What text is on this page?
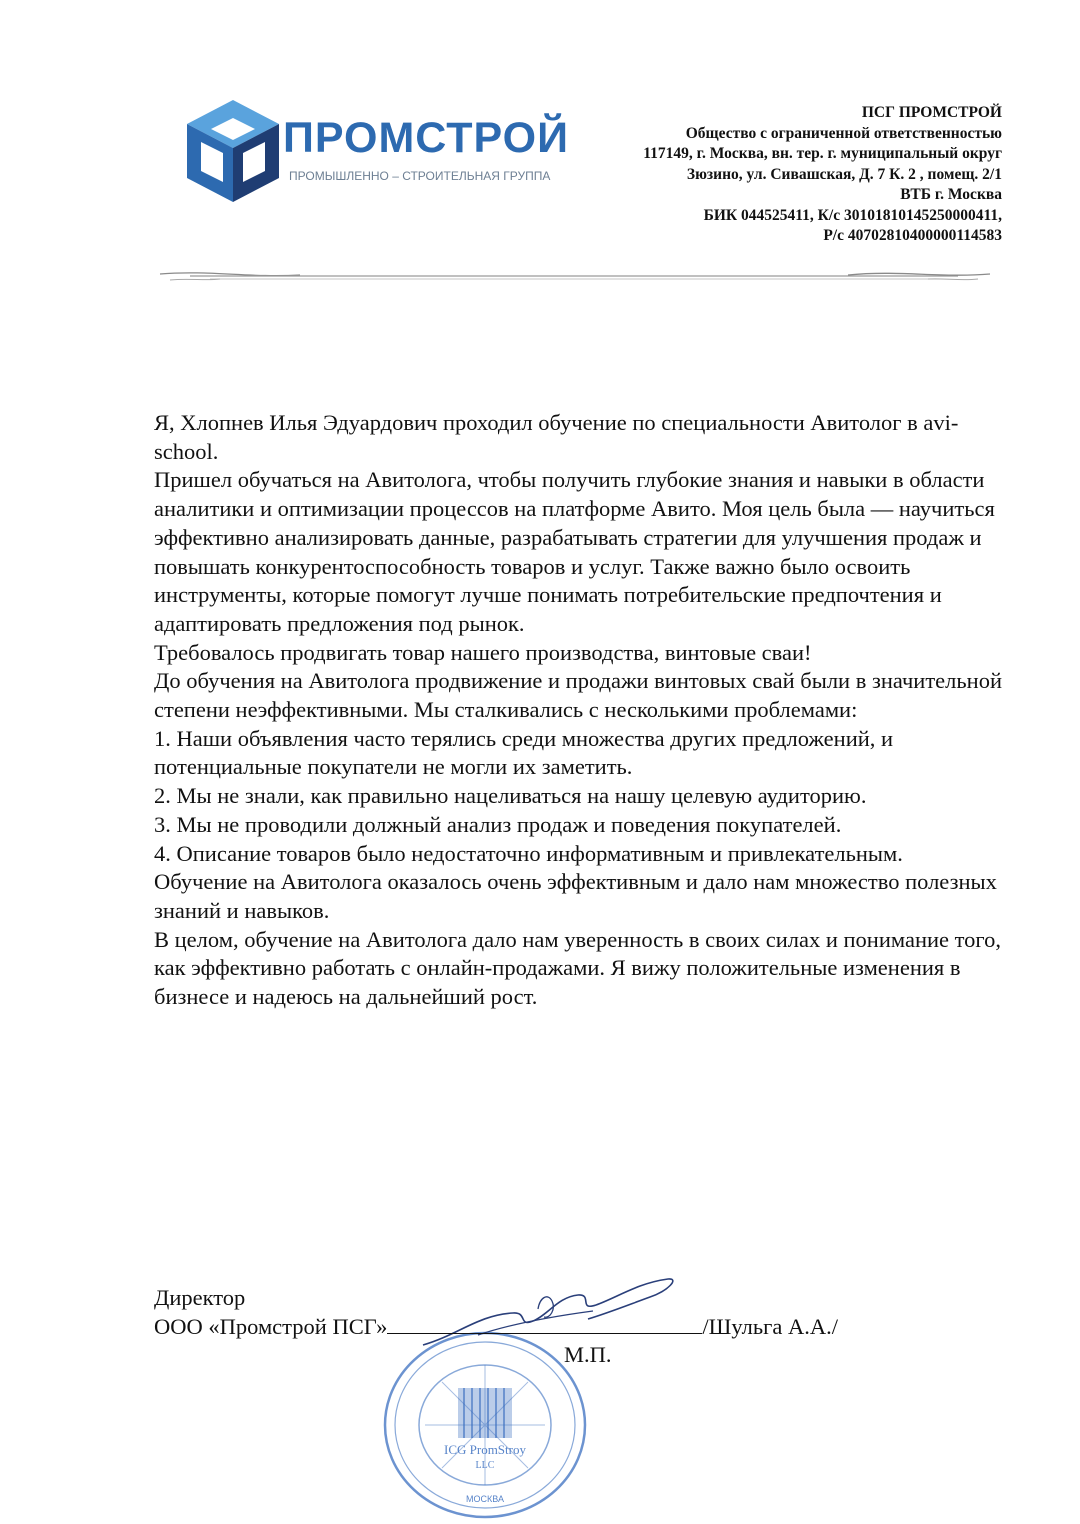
ПРОМСТРОЙ
ПРОМЫШЛЕННО – СТРОИТЕЛЬНАЯ ГРУППА
ПСГ ПРОМСТРОЙ
Общество с ограниченной ответственностью
117149, г. Москва, вн. тер. г. муниципальный округ
Зюзино, ул. Сивашская, Д. 7 К. 2 , помещ. 2/1
ВТБ г. Москва
БИК 044525411, К/с 30101810145250000411,
Р/с 40702810400000114583

Я, Хлопнев Илья Эдуардович проходил обучение по специальности Авитолог в avi-school.

Пришел обучаться на Авитолога, чтобы получить глубокие знания и навыки в области аналитики и оптимизации процессов на платформе Авито. Моя цель была — научиться эффективно анализировать данные, разрабатывать стратегии для улучшения продаж и повышать конкурентоспособность товаров и услуг. Также важно было освоить инструменты, которые помогут лучше понимать потребительские предпочтения и адаптировать предложения под рынок.

Требовалось продвигать товар нашего производства, винтовые сваи!

До обучения на Авитолога продвижение и продажи винтовых свай были в значительной степени неэффективными. Мы сталкивались с несколькими проблемами:

1. Наши объявления часто терялись среди множества других предложений, и потенциальные покупатели не могли их заметить.

2. Мы не знали, как правильно нацеливаться на нашу целевую аудиторию.

3. Мы не проводили должный анализ продаж и поведения покупателей.

4. Описание товаров было недостаточно информативным и привлекательным.

Обучение на Авитолога оказалось очень эффективным и дало нам множество полезных знаний и навыков.

В целом, обучение на Авитолога дало нам уверенность в своих силах и понимание того, как эффективно работать с онлайн-продажами. Я вижу положительные изменения в бизнесе и надеюсь на дальнейший рост.

ICG PromStroy
LLC
МОСКВА
Директор
ООО «Промстрой ПСГ»	/Шульга А.А./
М.П.
